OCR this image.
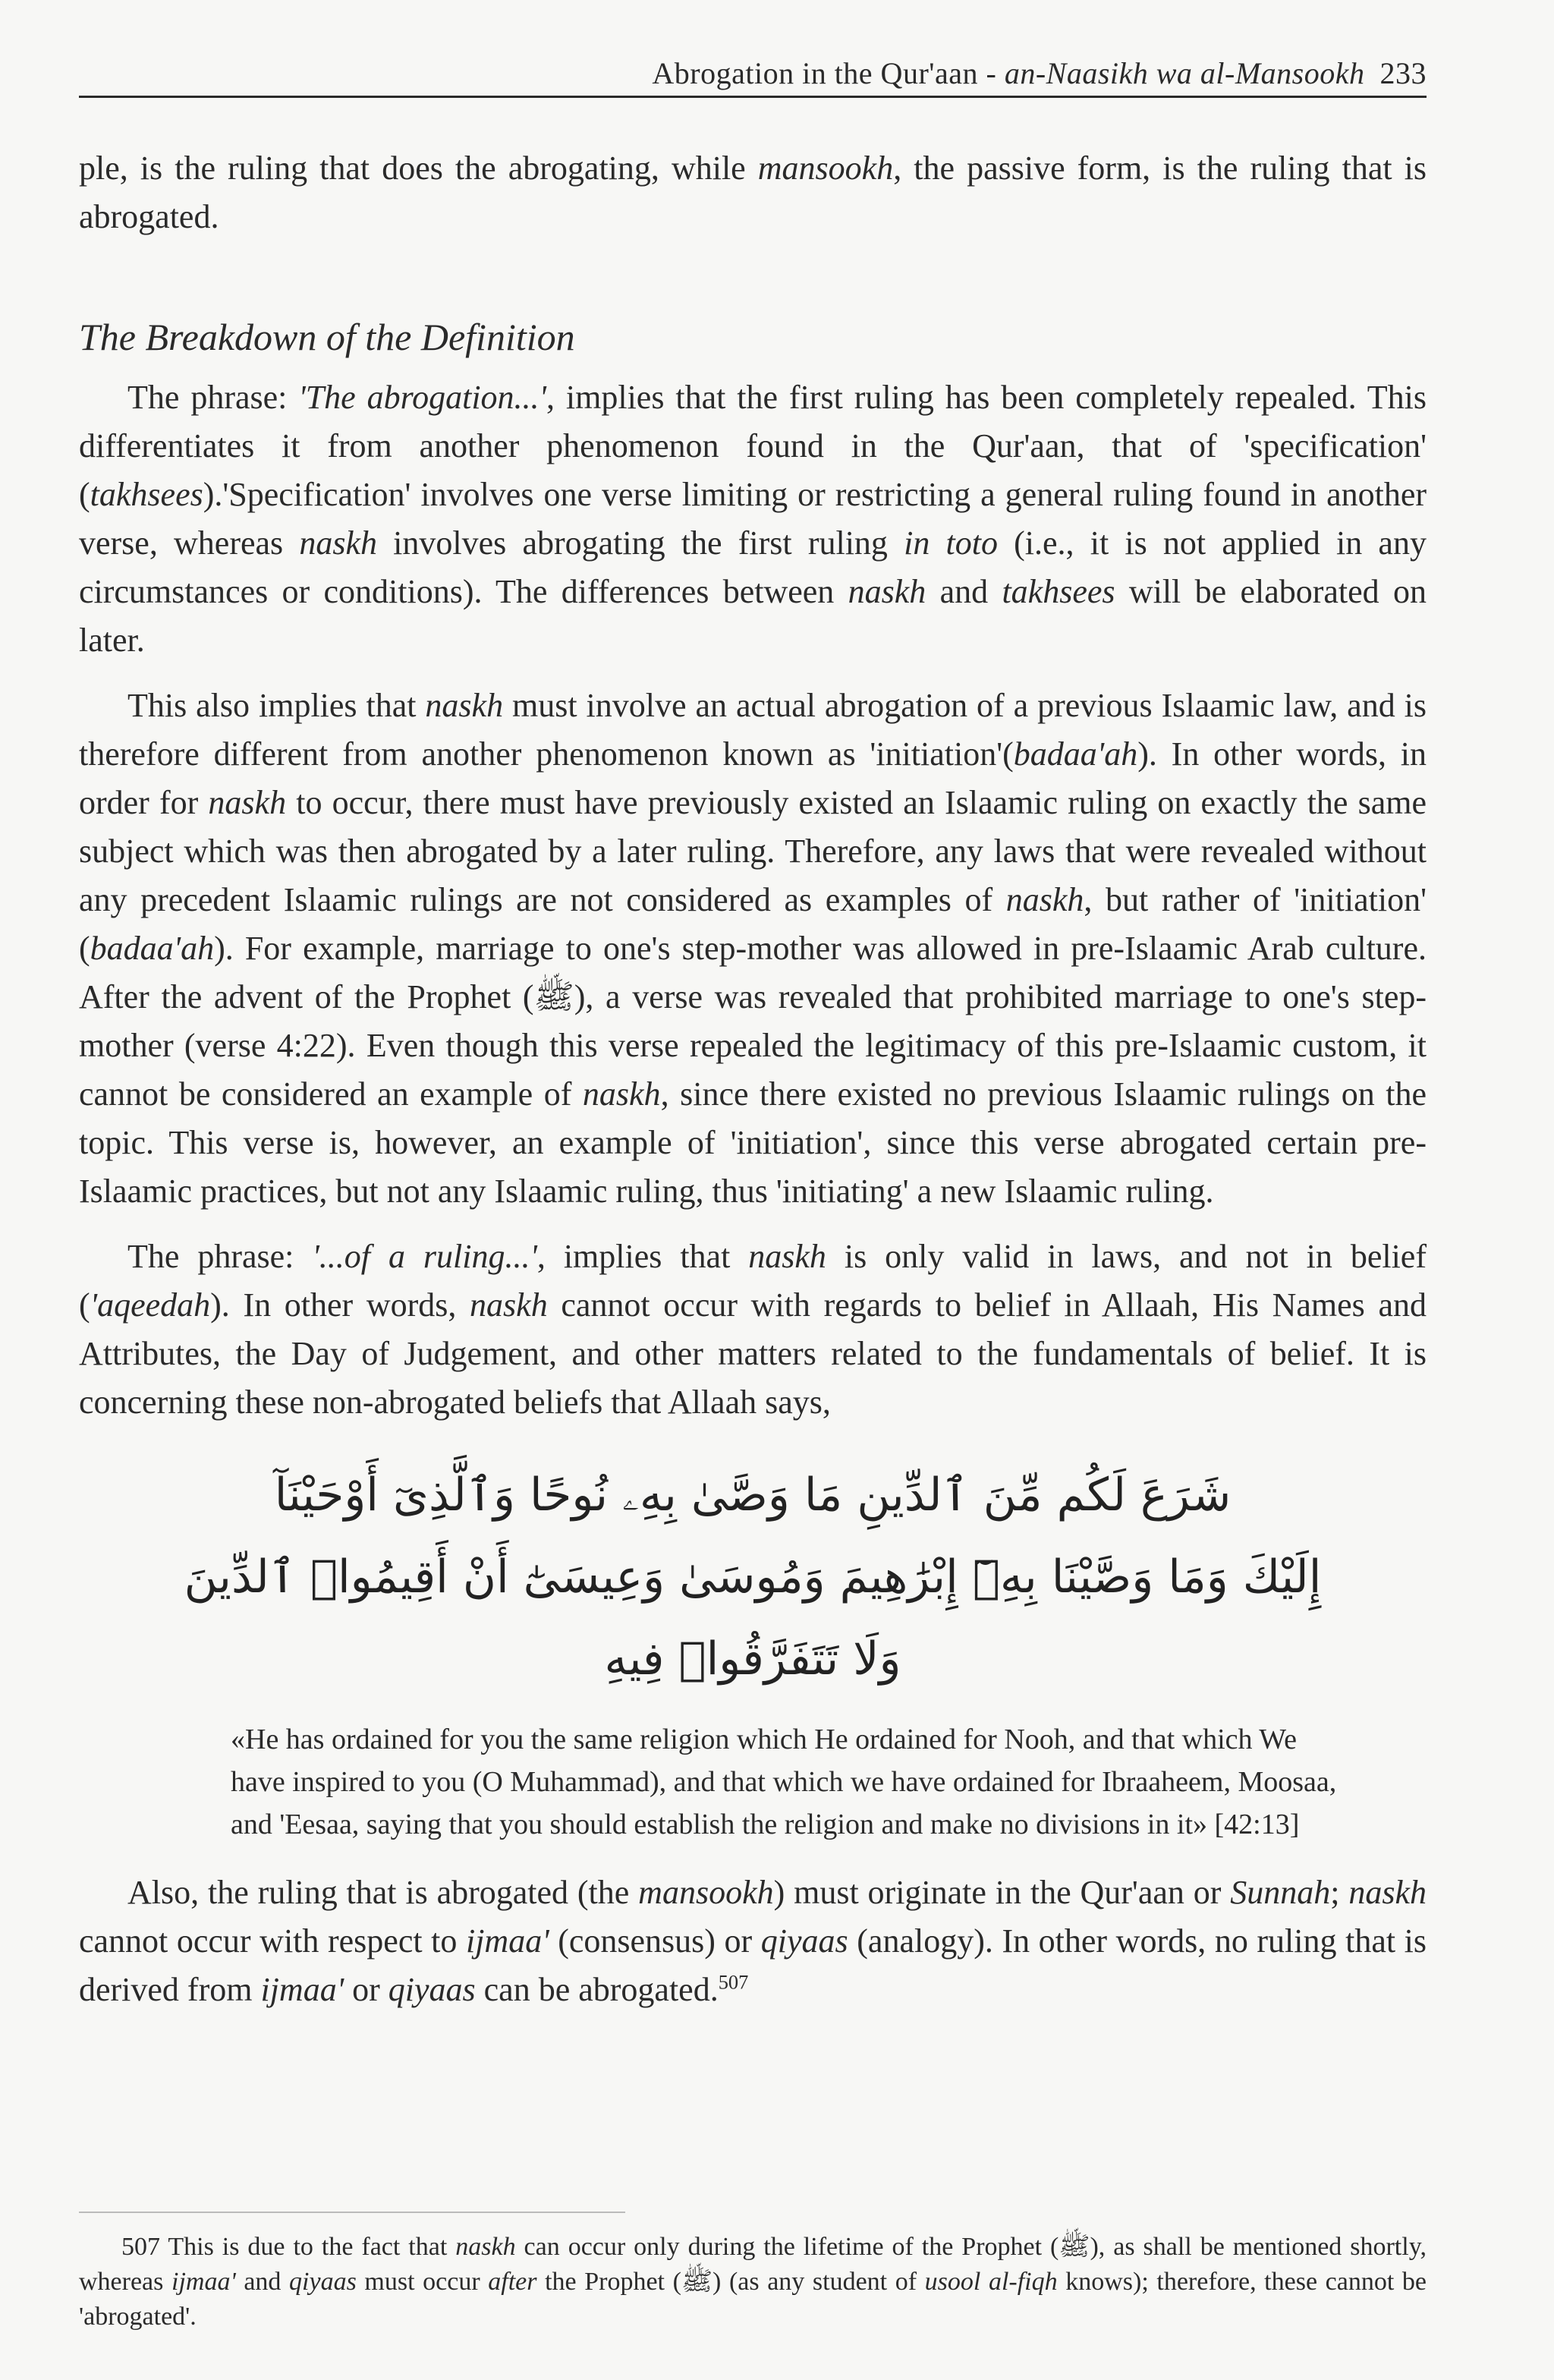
Abrogation in the Qur'aan - an-Naasikh wa al-Mansookh 233

ple, is the ruling that does the abrogating, while mansookh, the passive form, is the ruling that is abrogated.

The Breakdown of the Definition

The phrase: 'The abrogation...', implies that the first ruling has been completely repealed. This differentiates it from another phenomenon found in the Qur'aan, that of 'specification' (takhsees).'Specification' involves one verse limiting or restricting a general ruling found in another verse, whereas naskh involves abrogating the first ruling in toto (i.e., it is not applied in any circumstances or conditions). The differences between naskh and takhsees will be elaborated on later.

This also implies that naskh must involve an actual abrogation of a previous Islaamic law, and is therefore different from another phenomenon known as 'initiation'(badaa'ah). In other words, in order for naskh to occur, there must have previously existed an Islaamic ruling on exactly the same subject which was then abrogated by a later ruling. Therefore, any laws that were revealed without any precedent Islaamic rulings are not considered as examples of naskh, but rather of 'initiation' (badaa'ah). For example, marriage to one's step-mother was allowed in pre-Islaamic Arab culture. After the advent of the Prophet (ﷺ), a verse was revealed that prohibited marriage to one's step-mother (verse 4:22). Even though this verse repealed the legitimacy of this pre-Islaamic custom, it cannot be considered an example of naskh, since there existed no previous Islaamic rulings on the topic. This verse is, however, an example of 'initiation', since this verse abrogated certain pre-Islaamic practices, but not any Islaamic ruling, thus 'initiating' a new Islaamic ruling.

The phrase: '...of a ruling...', implies that naskh is only valid in laws, and not in belief ('aqeedah). In other words, naskh cannot occur with regards to belief in Allaah, His Names and Attributes, the Day of Judgement, and other matters related to the fundamentals of belief. It is concerning these non-abrogated beliefs that Allaah says,

شَرَعَ لَكُم مِّنَ ٱلدِّينِ مَا وَصَّىٰ بِهِۦ نُوحًا وَٱلَّذِىٓ أَوْحَيْنَآ
إِلَيْكَ وَمَا وَصَّيْنَا بِهِۦٓ إِبْرَٰهِيمَ وَمُوسَىٰ وَعِيسَىٰٓ أَنْ أَقِيمُوا۟ ٱلدِّينَ
وَلَا تَتَفَرَّقُوا۟ فِيهِ
«He has ordained for you the same religion which He ordained for Nooh, and that which We have inspired to you (O Muhammad), and that which we have ordained for Ibraaheem, Moosaa, and 'Eesaa, saying that you should establish the religion and make no divisions in it» [42:13]

Also, the ruling that is abrogated (the mansookh) must originate in the Qur'aan or Sunnah; naskh cannot occur with respect to ijmaa' (consensus) or qiyaas (analogy). In other words, no ruling that is derived from ijmaa' or qiyaas can be abrogated.$^{507}$

507 This is due to the fact that naskh can occur only during the lifetime of the Prophet (ﷺ), as shall be mentioned shortly, whereas ijmaa' and qiyaas must occur after the Prophet (ﷺ) (as any student of usool al-fiqh knows); therefore, these cannot be 'abrogated'.
